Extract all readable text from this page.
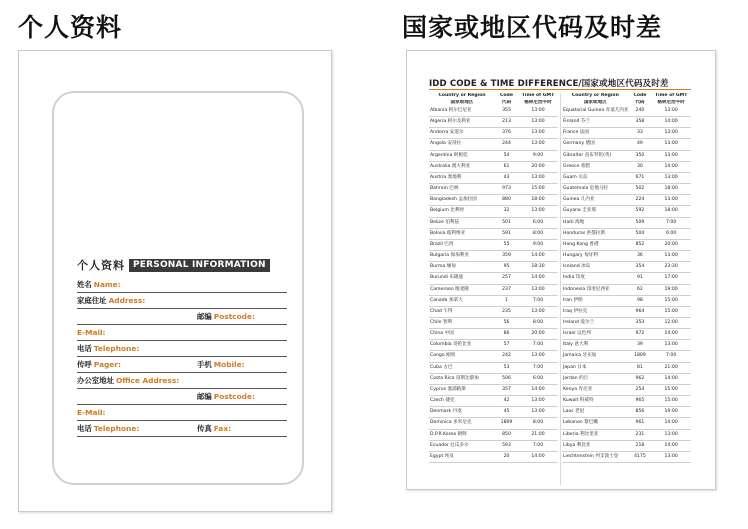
个人资料	国家或地区代码及时差
个人资料 PERSONAL INFORMATION
姓名 Name:
家庭住址 Address:
邮编 Postcode:
E-Mail:
电话 Telephone:
传呼 Pager:	手机 Mobile:
办公室地址 Office Address:
邮编 Postcode:
E-Mail:
电话 Telephone:	传真 Fax:
IDD CODE & TIME DIFFERENCE/国家或地区代码及时差
Country or Region	Code	Time of GMT
国家或地区	代码	格林尼治平时
Albania 阿尔巴尼亚	355	13:00
Algeria 阿尔及利亚	213	13:00
Andorra 安道尔	376	13:00
Angola 安哥拉	244	13:00
Argentina 阿根廷	54	9:00
Australia 澳大利亚	61	20:00
Austria 奥地利	43	13:00
Bahrain 巴林	973	15:00
Bangladesh 孟加拉国	880	18:00
Belgium 比利时	32	13:00
Belize 伯利兹	501	6:00
Bolivia 玻利维亚	591	8:00
Brazil 巴西	55	9:00
Bulgaria 保加利亚	359	14:00
Burma 缅甸	95	18:30
Burundi 布隆迪	257	14:00
Cameroon 喀麦隆	237	13:00
Canada 加拿大	1	7:00
Chad 乍得	235	13:00
Chile 智利	56	8:00
China 中国	86	20:00
Colombia 哥伦比亚	57	7:00
Congo 刚果	242	13:00
Cuba 古巴	53	7:00
Costa Rica 哥斯达黎加	506	6:00
Cyprus 塞浦路斯	357	14:00
Czech 捷克	42	13:00
Denmark 丹麦	45	13:00
Dominica 多米尼克	1809	8:00
D.P.R.Korea 朝鲜	850	21:00
Ecuador 厄瓜多尔	593	7:00
Egypt 埃及	20	14:00
Country or Region	Code	Time of GMT
国家或地区	代码	格林尼治平时
Equatorial Guinea 赤道几内亚	240	13:00
Finland 芬兰	358	14:00
France 法国	33	13:00
Germany 德国	49	13:00
Gibraltar 直布罗陀(英)	350	13:00
Greece 希腊	30	14:00
Guam 关岛	671	13:00
Guatemala 危地马拉	502	18:00
Guinea 几内亚	224	13:00
Guyana 圭亚那	592	18:00
Haiti 海地	509	7:00
Honduras 洪都拉斯	504	6:00
Hong Kong 香港	852	20:00
Hungary 匈牙利	36	13:00
Iceland 冰岛	354	23:30
India 印度	91	17:00
Indonesia 印度尼西亚	62	19:00
Iran 伊朗	98	15:00
Iraq 伊拉克	964	15:00
Ireland 爱尔兰	353	12:00
Israel 以色列	972	14:00
Italy 意大利	39	13:00
Jamaica 牙买加	1809	7:00
Japan 日本	81	21:00
Jordan 约旦	962	14:00
Kenya 肯尼亚	254	15:00
Kuwait 科威特	965	15:00
Laos 老挝	856	19:00
Lebanon 黎巴嫩	961	14:00
Liberia 利比里亚	231	13:00
Libya 利比亚	218	14:00
Liechtenstein 列支敦士登	4175	13:00
